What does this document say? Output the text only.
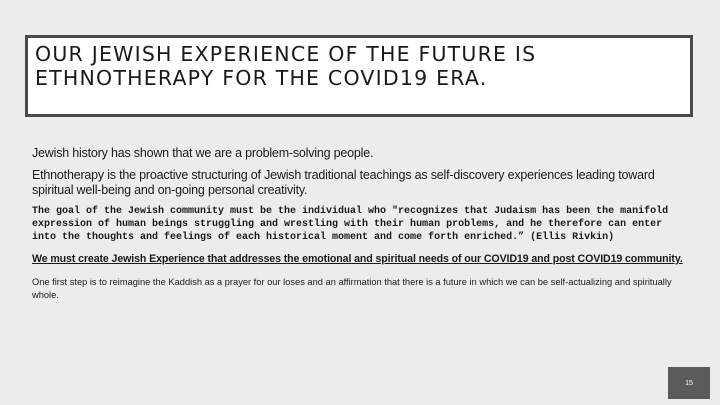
OUR JEWISH EXPERIENCE OF THE FUTURE IS ETHNOTHERAPY FOR THE COVID19 ERA.

Jewish history has shown that we are a problem-solving people.

Ethnotherapy is the proactive structuring of Jewish traditional teachings as self-discovery experiences leading toward spiritual well-being and on-going personal creativity.

The goal of the Jewish community must be the individual who "recognizes that Judaism has been the manifold expression of human beings struggling and wrestling with their human problems, and he therefore can enter into the thoughts and feelings of each historical moment and come forth enriched.” (Ellis Rivkin)

We must create Jewish Experience that addresses the emotional and spiritual needs of our COVID19 and post COVID19 community.

One first step is to reimagine the Kaddish as a prayer for our loses and an affirmation that there is a future in which we can be self-actualizing and spiritually whole.

15
